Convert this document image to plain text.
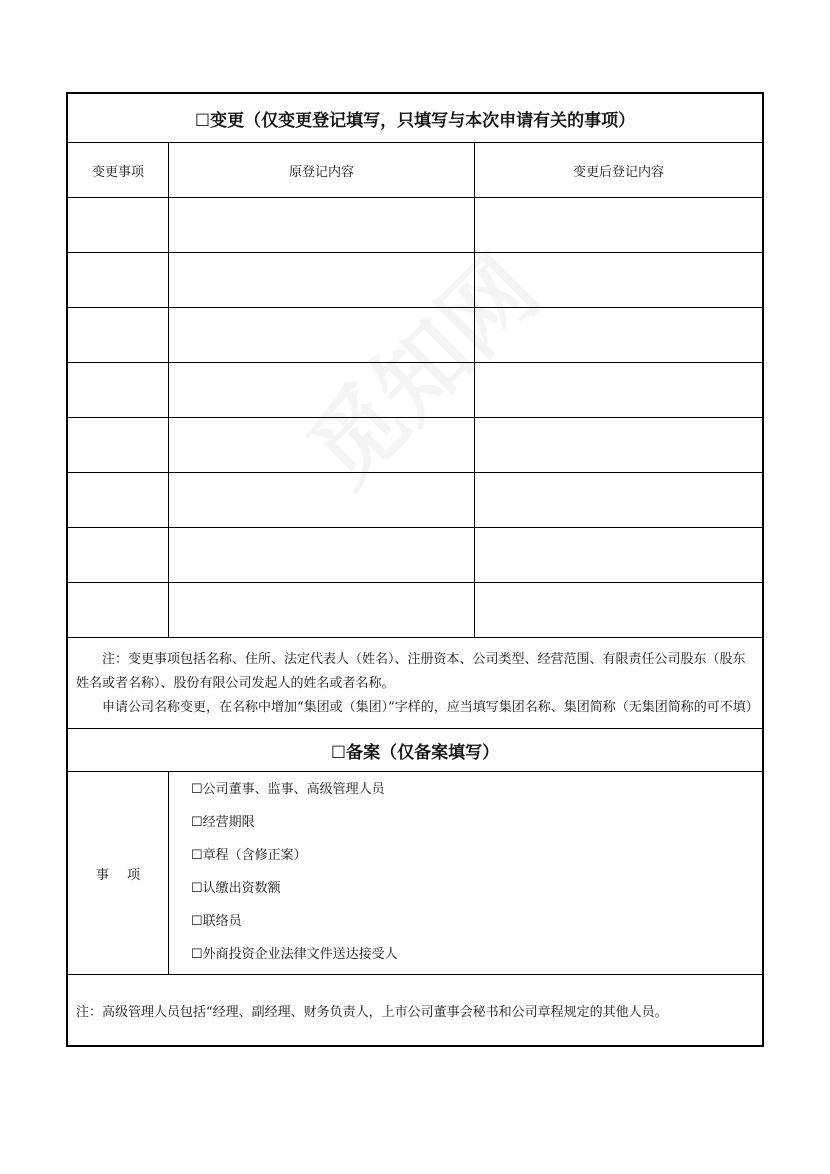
☐变更（仅变更登记填写，只填写与本次申请有关的事项）
变更事项	原登记内容	变更后登记内容

注：变更事项包括名称、住所、法定代表人（姓名）、注册资本、公司类型、经营范围、有限责任公司股东（股东姓名或者名称）、股份有限公司发起人的姓名或者名称。

申请公司名称变更，在名称中增加“集团或（集团）”字样的，应当填写集团名称、集团简称（无集团简称的可不填）

☐备案（仅备案填写）
事项
☐公司董事、监事、高级管理人员
☐经营期限
☐章程（含修正案）
☐认缴出资数额
☐联络员
☐外商投资企业法律文件送达接受人
注：高级管理人员包括“经理、副经理、财务负责人，上市公司董事会秘书和公司章程规定的其他人员。
